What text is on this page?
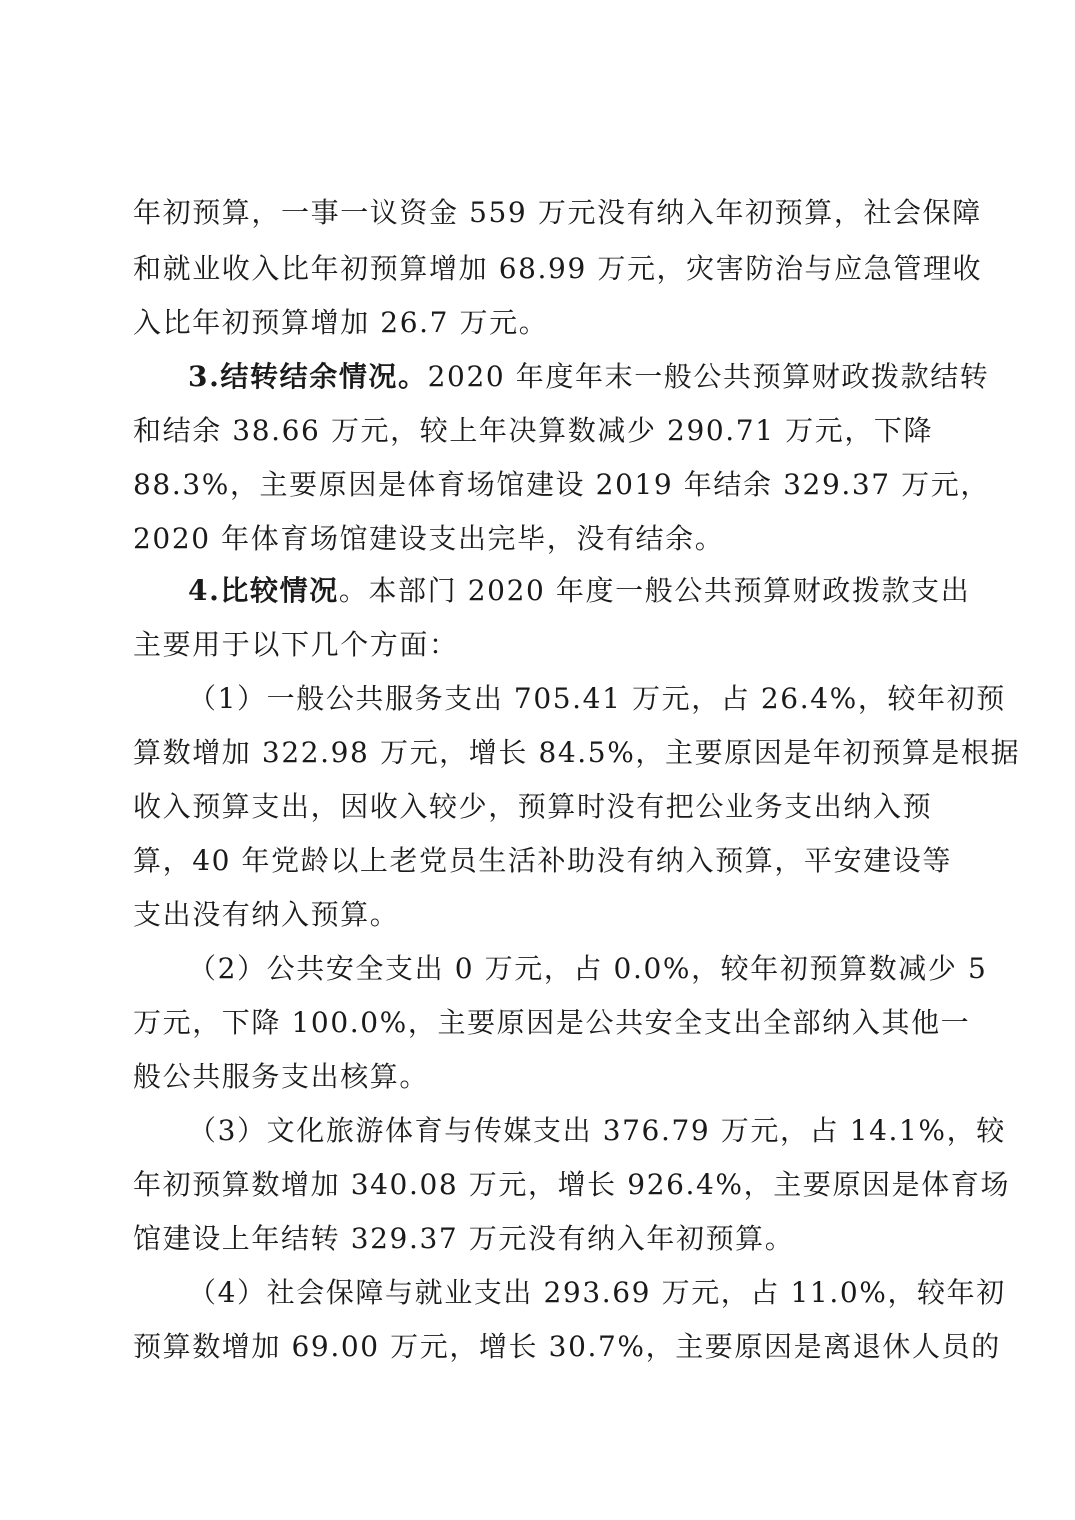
年初预算，一事一议资金 559 万元没有纳入年初预算，社会保障
和就业收入比年初预算增加 68.99 万元，灾害防治与应急管理收
入比年初预算增加 26.7 万元。
3.结转结余情况。2020 年度年末一般公共预算财政拨款结转
和结余 38.66 万元，较上年决算数减少 290.71 万元，下降
88.3%，主要原因是体育场馆建设 2019 年结余 329.37 万元，
2020 年体育场馆建设支出完毕，没有结余。
4.比较情况。本部门 2020 年度一般公共预算财政拨款支出
主要用于以下几个方面：
（1）一般公共服务支出 705.41 万元，占 26.4%，较年初预
算数增加 322.98 万元，增长 84.5%，主要原因是年初预算是根据
收入预算支出，因收入较少，预算时没有把公业务支出纳入预
算，40 年党龄以上老党员生活补助没有纳入预算，平安建设等
支出没有纳入预算。
（2）公共安全支出 0 万元，占 0.0%，较年初预算数减少 5
万元，下降 100.0%，主要原因是公共安全支出全部纳入其他一
般公共服务支出核算。
（3）文化旅游体育与传媒支出 376.79 万元，占 14.1%，较
年初预算数增加 340.08 万元，增长 926.4%，主要原因是体育场
馆建设上年结转 329.37 万元没有纳入年初预算。
（4）社会保障与就业支出 293.69 万元，占 11.0%，较年初
预算数增加 69.00 万元，增长 30.7%，主要原因是离退休人员的
